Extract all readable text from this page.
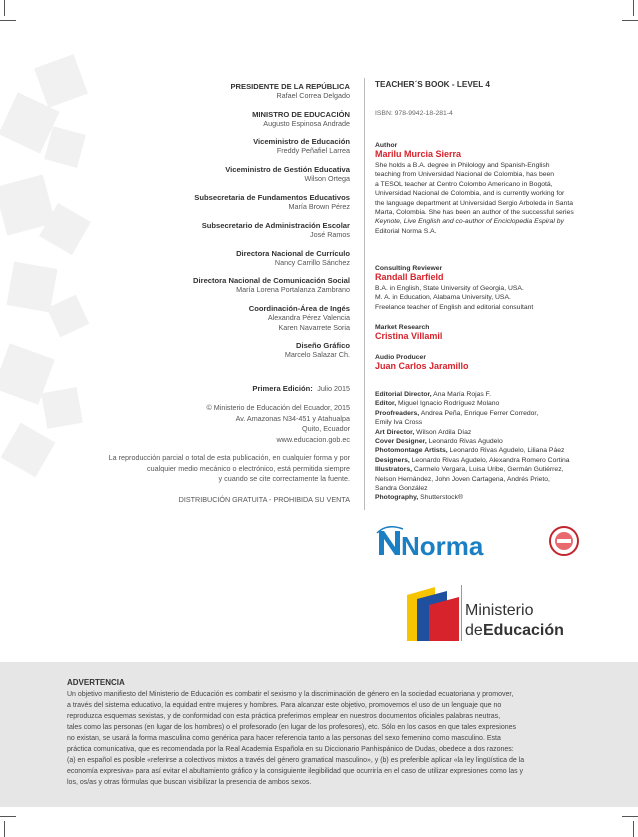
PRESIDENTE DE LA REPÚBLICA
Rafael Correa Delgado
MINISTRO DE EDUCACIÓN
Augusto Espinosa Andrade
Viceministro de Educación
Freddy Peñafiel Larrea
Viceministro de Gestión Educativa
Wilson Ortega
Subsecretaria de Fundamentos Educativos
María Brown Pérez
Subsecretario de Administración Escolar
José Ramos
Directora Nacional de Currículo
Nancy Carrillo Sánchez
Directora Nacional de Comunicación Social
María Lorena Portalanza Zambrano
Coordinación-Área de Ingés
Alexandra Pérez Valencia
Karen Navarrete Soria
Diseño Gráfico
Marcelo Salazar Ch.
Primera Edición: Julio 2015
© Ministerio de Educación del Ecuador, 2015
Av. Amazonas N34-451 y Atahualpa
Quito, Ecuador
www.educacion.gob.ec
La reproducción parcial o total de esta publicación, en cualquier forma y por
cualquier medio mecánico o electrónico, está permitida siempre
y cuando se cite correctamente la fuente.
DISTRIBUCIÓN GRATUITA - PROHIBIDA SU VENTA
TEACHER´S BOOK - LEVEL 4
ISBN: 978-9942-18-281-4
Author
Marilu Murcia Sierra
She holds a B.A. degree in Philology and Spanish-English
teaching from Universidad Nacional de Colombia, has been
a TESOL teacher at Centro Colombo Americano in Bogotá,
Universidad Nacional de Colombia, and is currently working for
the language department at Universidad Sergio Arboleda in Santa
Marta, Colombia. She has been an author of the successful series
Keynote, Live English and co-author of Enciclopedia Espiral by
Editorial Norma S.A.
Consulting Reviewer
Randall Barfield
B.A. in English, State University of Georgia, USA.
M. A. in Education, Alabama University, USA.
Freelance teacher of English and editorial consultant
Market Research
Cristina Villamil
Audio Producer
Juan Carlos Jaramillo
Editorial Director, Ana María Rojas F.
Editor, Miguel Ignacio Rodríguez Molano
Proofreaders, Andrea Peña, Enrique Ferrer Corredor,
Emily Iva Cross
Art Director, Wilson Ardila Díaz
Cover Designer, Leonardo Rivas Agudelo
Photomontage Artists, Leonardo Rivas Agudelo, Liliana Páez
Designers, Leonardo Rivas Agudelo, Alexandra Romero Cortina
Illustrators, Carmelo Vergara, Luisa Uribe, Germán Gutiérrez,
Nelson Hernández, John Joven Cartagena, Andrés Prieto,
Sandra González
Photography, Shutterstock®
Norma
Ministerio
de Educación
ADVERTENCIA
Un objetivo manifiesto del Ministerio de Educación es combatir el sexismo y la discriminación de género en la sociedad ecuatoriana y promover,
a través del sistema educativo, la equidad entre mujeres y hombres. Para alcanzar este objetivo, promovemos el uso de un lenguaje que no
reproduzca esquemas sexistas, y de conformidad con esta práctica preferimos emplear en nuestros documentos oficiales palabras neutras,
tales como las personas (en lugar de los hombres) o el profesorado (en lugar de los profesores), etc. Sólo en los casos en que tales expresiones
no existan, se usará la forma masculina como genérica para hacer referencia tanto a las personas del sexo femenino como masculino. Esta
práctica comunicativa, que es recomendada por la Real Academia Española en su Diccionario Panhispánico de Dudas, obedece a dos razones:
(a) en español es posible «referirse a colectivos mixtos a través del género gramatical masculino», y (b) es preferible aplicar «la ley lingüística de la
economía expresiva» para así evitar el abultamiento gráfico y la consiguiente ilegibilidad que ocurriría en el caso de utilizar expresiones como las y
los, os/as y otras fórmulas que buscan visibilizar la presencia de ambos sexos.
